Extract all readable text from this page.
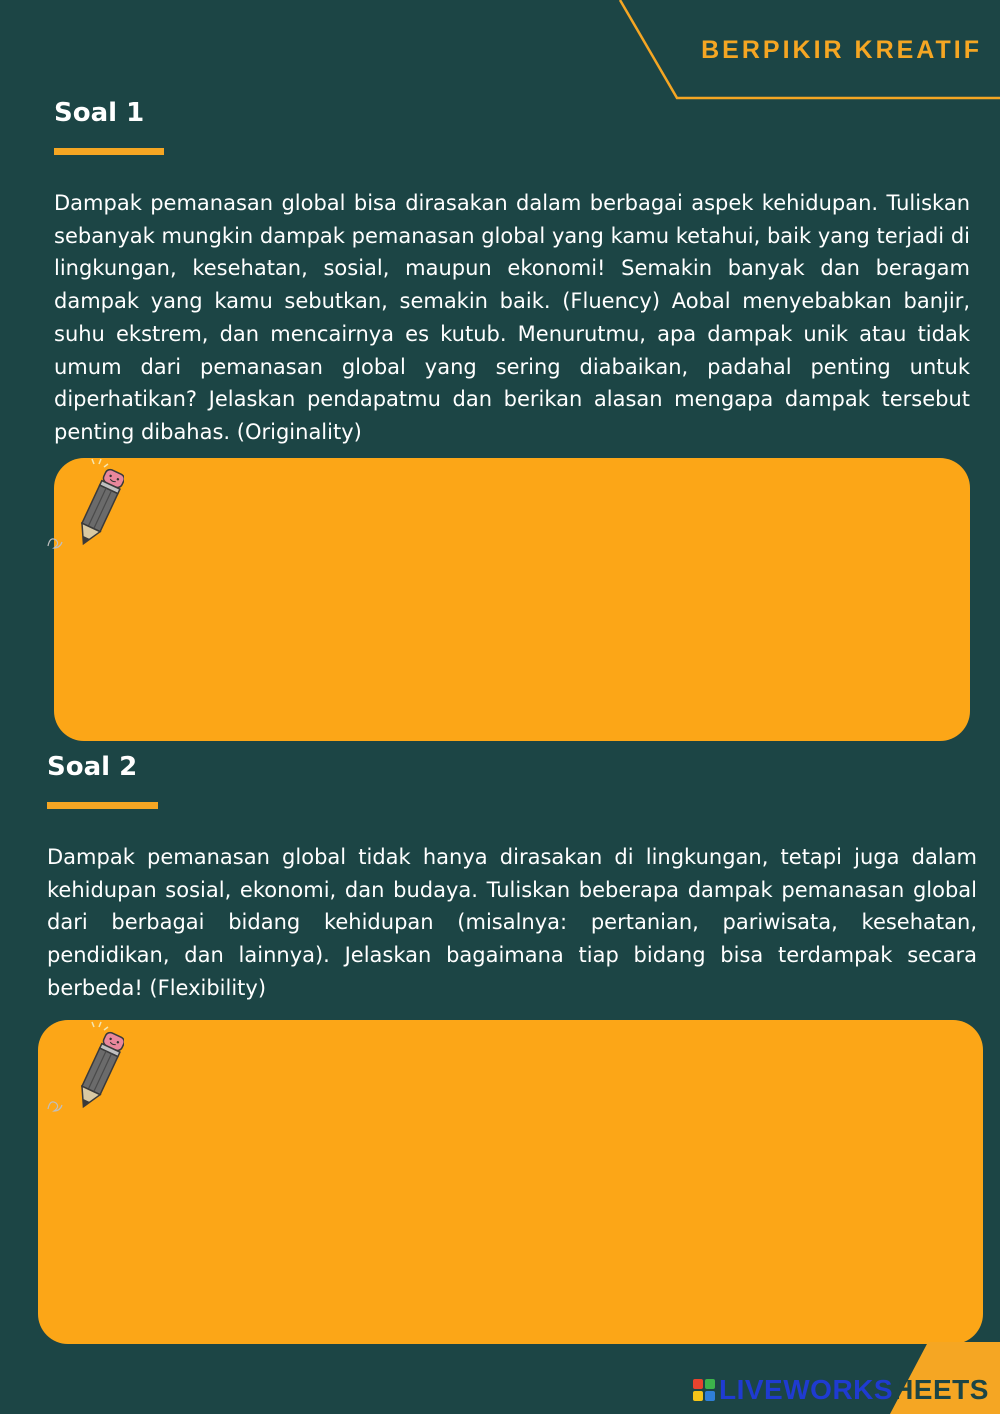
BERPIKIR KREATIF
Soal 1

Dampak pemanasan global bisa dirasakan dalam berbagai aspek kehidupan. Tuliskan sebanyak mungkin dampak pemanasan global yang kamu ketahui, baik yang terjadi di lingkungan, kesehatan, sosial, maupun ekonomi! Semakin banyak dan beragam dampak yang kamu sebutkan, semakin baik. (Fluency) Aobal menyebabkan banjir, suhu ekstrem, dan mencairnya es kutub. Menurutmu, apa dampak unik atau tidak umum dari pemanasan global yang sering diabaikan, padahal penting untuk diperhatikan? Jelaskan pendapatmu dan berikan alasan mengapa dampak tersebut penting dibahas. (Originality)

Soal 2

Dampak pemanasan global tidak hanya dirasakan di lingkungan, tetapi juga dalam kehidupan sosial, ekonomi, dan budaya. Tuliskan beberapa dampak pemanasan global dari berbagai bidang kehidupan (misalnya: pertanian, pariwisata, kesehatan, pendidikan, dan lainnya). Jelaskan bagaimana tiap bidang bisa terdampak secara berbeda! (Flexibility)

LIVEWORKSHEETS
